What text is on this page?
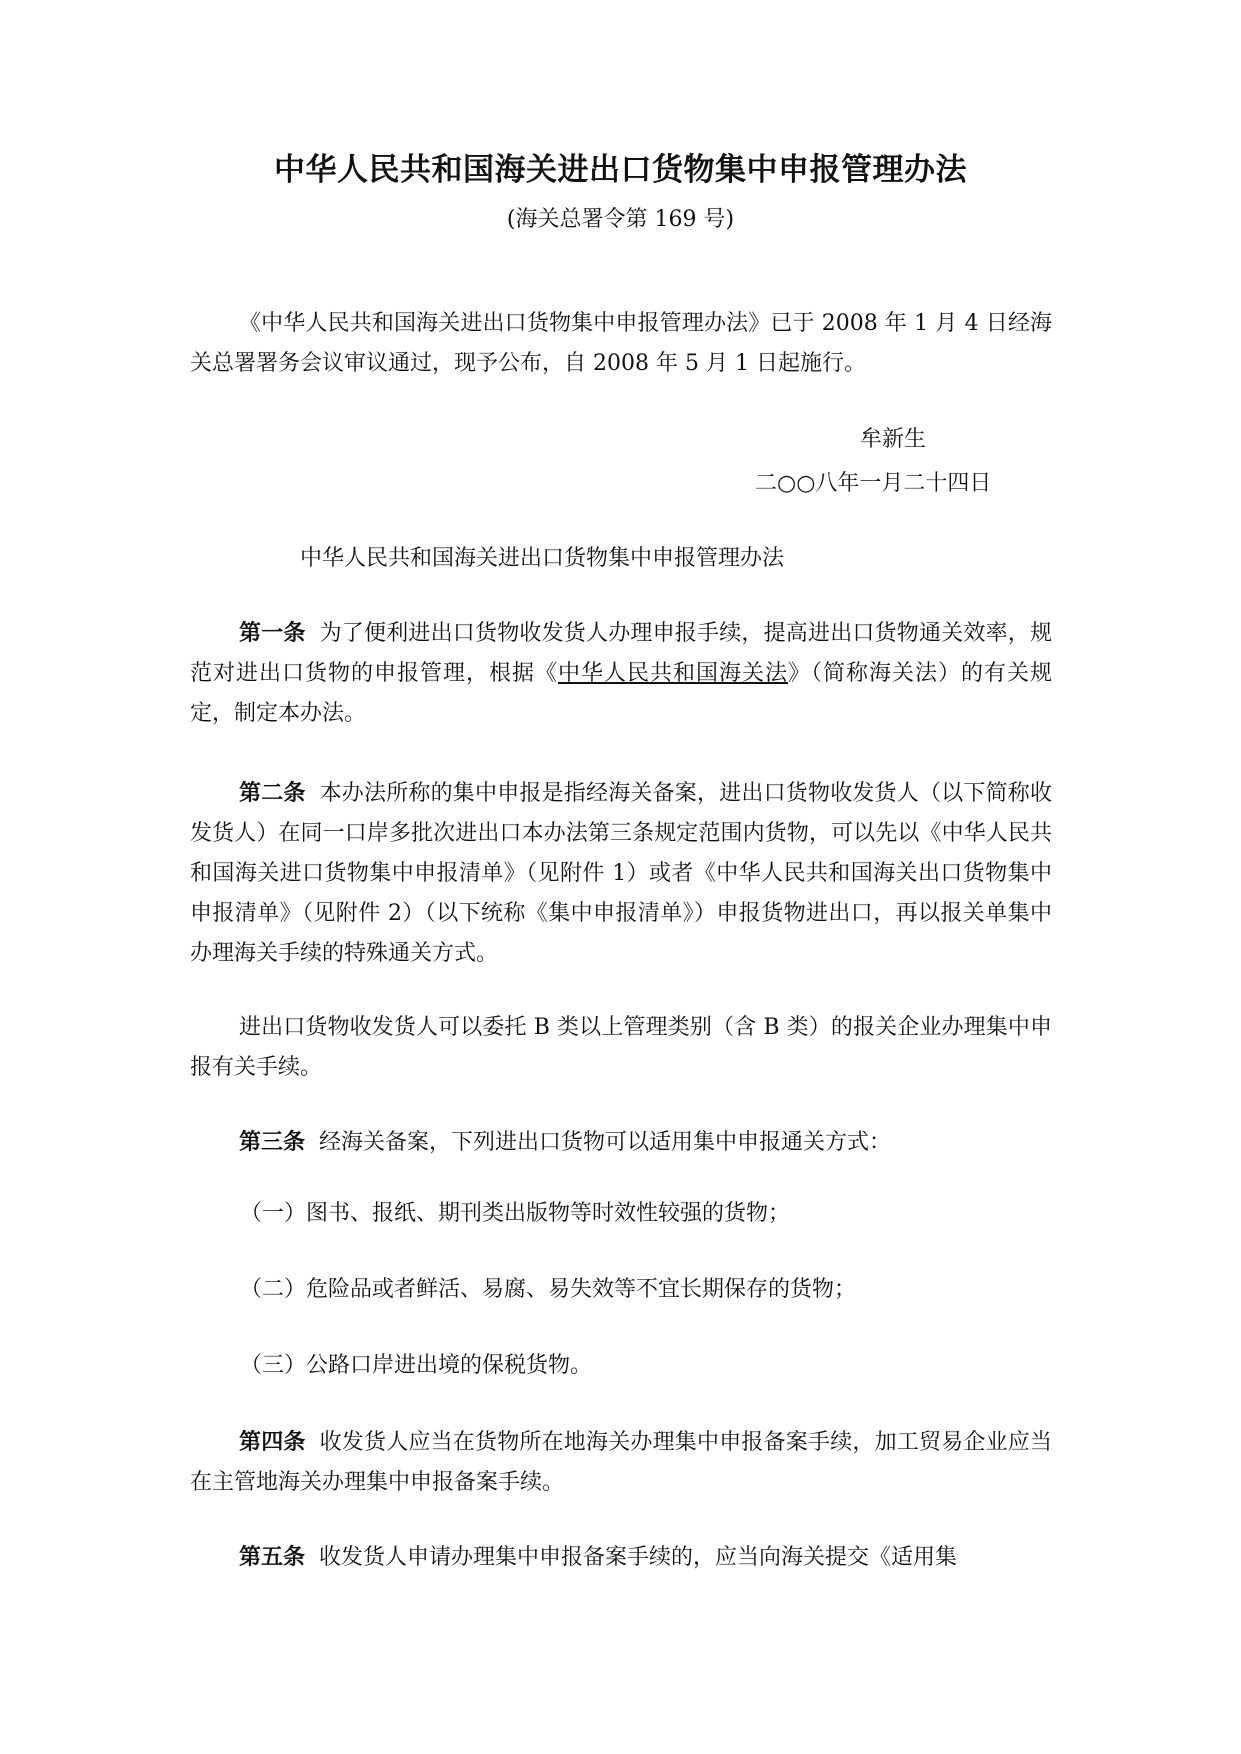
中华人民共和国海关进出口货物集中申报管理办法
(海关总署令第 169 号)

《中华人民共和国海关进出口货物集中申报管理办法》已于 2008 年 1 月 4 日经海关总署署务会议审议通过，现予公布，自 2008 年 5 月 1 日起施行。

牟新生
二○○八年一月二十四日
中华人民共和国海关进出口货物集中申报管理办法

第一条 为了便利进出口货物收发货人办理申报手续，提高进出口货物通关效率，规范对进出口货物的申报管理，根据《中华人民共和国海关法》（简称海关法）的有关规定，制定本办法。

第二条 本办法所称的集中申报是指经海关备案，进出口货物收发货人（以下简称收发货人）在同一口岸多批次进出口本办法第三条规定范围内货物，可以先以《中华人民共和国海关进口货物集中申报清单》（见附件 1）或者《中华人民共和国海关出口货物集中申报清单》（见附件 2）（以下统称《集中申报清单》）申报货物进出口，再以报关单集中办理海关手续的特殊通关方式。

进出口货物收发货人可以委托 B 类以上管理类别（含 B 类）的报关企业办理集中申报有关手续。

第三条 经海关备案，下列进出口货物可以适用集中申报通关方式：

（一）图书、报纸、期刊类出版物等时效性较强的货物；
（二）危险品或者鲜活、易腐、易失效等不宜长期保存的货物；
（三）公路口岸进出境的保税货物。

第四条 收发货人应当在货物所在地海关办理集中申报备案手续，加工贸易企业应当在主管地海关办理集中申报备案手续。

第五条 收发货人申请办理集中申报备案手续的，应当向海关提交《适用集
